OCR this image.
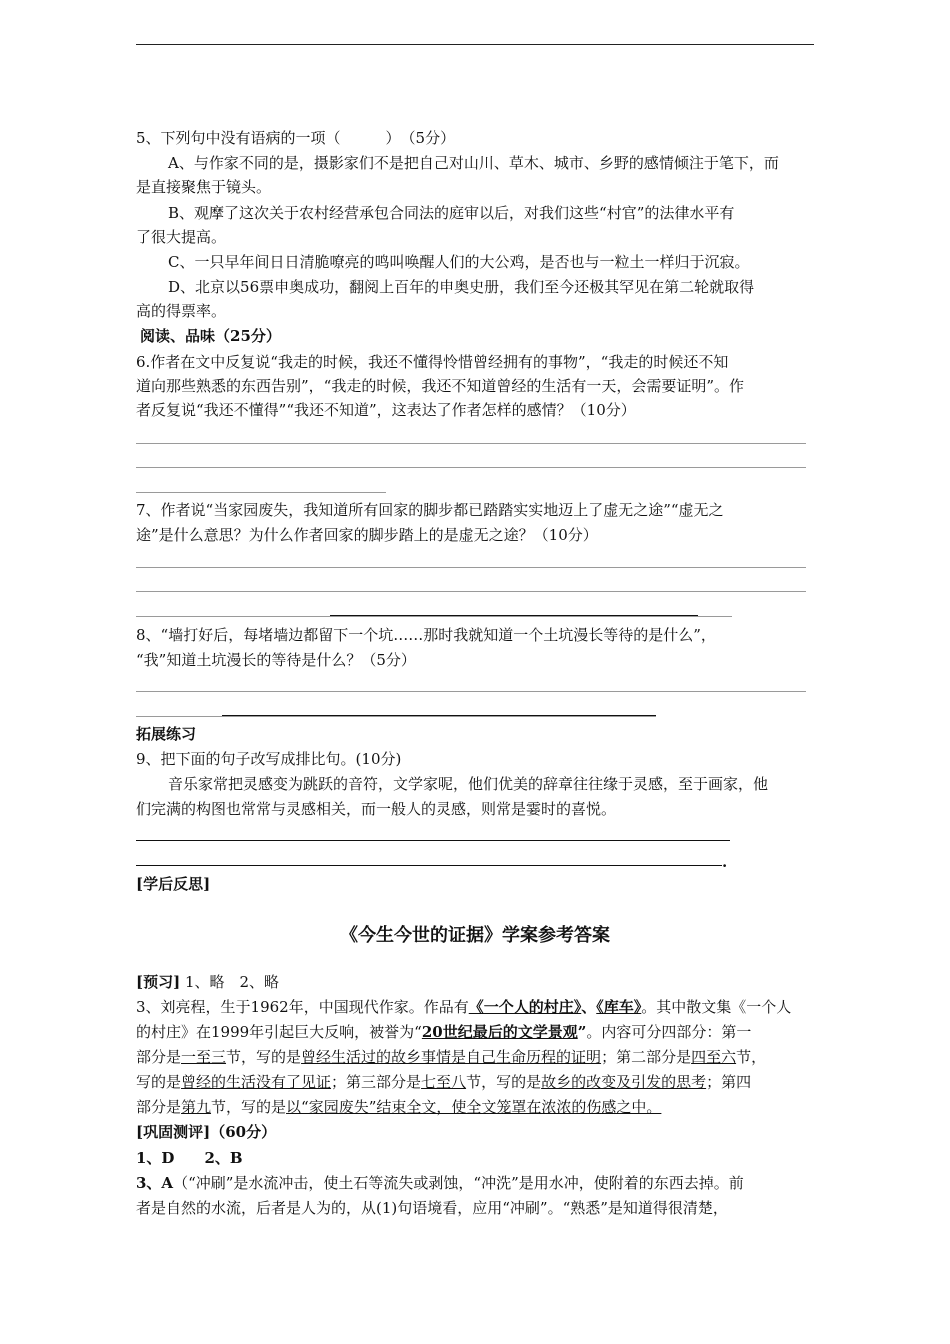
5、下列句中没有语病的一项（　　　）　（5分）
A、与作家不同的是，摄影家们不是把自己对山川、草木、城市、乡野的感情倾注于笔下，而
是直接聚焦于镜头。
B、观摩了这次关于农村经营承包合同法的庭审以后，对我们这些“村官”的法律水平有
了很大提高。
C、一只早年间日日清脆嘹亮的鸣叫唤醒人们的大公鸡，是否也与一粒土一样归于沉寂。
D、北京以56票申奥成功，翻阅上百年的申奥史册，我们至今还极其罕见在第二轮就取得
高的得票率。
阅读、品味（25分）
6.作者在文中反复说“我走的时候，我还不懂得怜惜曾经拥有的事物”，“我走的时候还不知
道向那些熟悉的东西告别”，“我走的时候，我还不知道曾经的生活有一天，会需要证明”。作
者反复说“我还不懂得”“我还不知道”，这表达了作者怎样的感情？（10分）
7、作者说“当家园废失，我知道所有回家的脚步都已踏踏实实地迈上了虚无之途”“虚无之
途”是什么意思？为什么作者回家的脚步踏上的是虚无之途？（10分）
8、“墙打好后，每堵墙边都留下一个坑……那时我就知道一个土坑漫长等待的是什么”，
“我”知道土坑漫长的等待是什么？（5分）
拓展练习
9、把下面的句子改写成排比句。(10分)
音乐家常把灵感变为跳跃的音符，文学家呢，他们优美的辞章往往缘于灵感，至于画家，他
们完满的构图也常常与灵感相关，而一般人的灵感，则常是霎时的喜悦。
.
[学后反思]
《今生今世的证据》学案参考答案
[预习] 1、略　2、略
3、刘亮程，生于1962年，中国现代作家。作品有《一个人的村庄》、《库车》。其中散文集《一个人
的村庄》在1999年引起巨大反响，被誉为“20世纪最后的文学景观”。内容可分四部分：第一
部分是一至三节，写的是曾经生活过的故乡事情是自己生命历程的证明；第二部分是四至六节，
写的是曾经的生活没有了见证；第三部分是七至八节，写的是故乡的改变及引发的思考；第四
部分是第九节，写的是以“家园废失”结束全文，使全文笼罩在浓浓的伤感之中。
[巩固测评]（60分）
1、D　　2、B
3、A（“冲刷”是水流冲击，使土石等流失或剥蚀，“冲洗”是用水冲，使附着的东西去掉。前
者是自然的水流，后者是人为的，从(1)句语境看，应用“冲刷”。“熟悉”是知道得很清楚，
